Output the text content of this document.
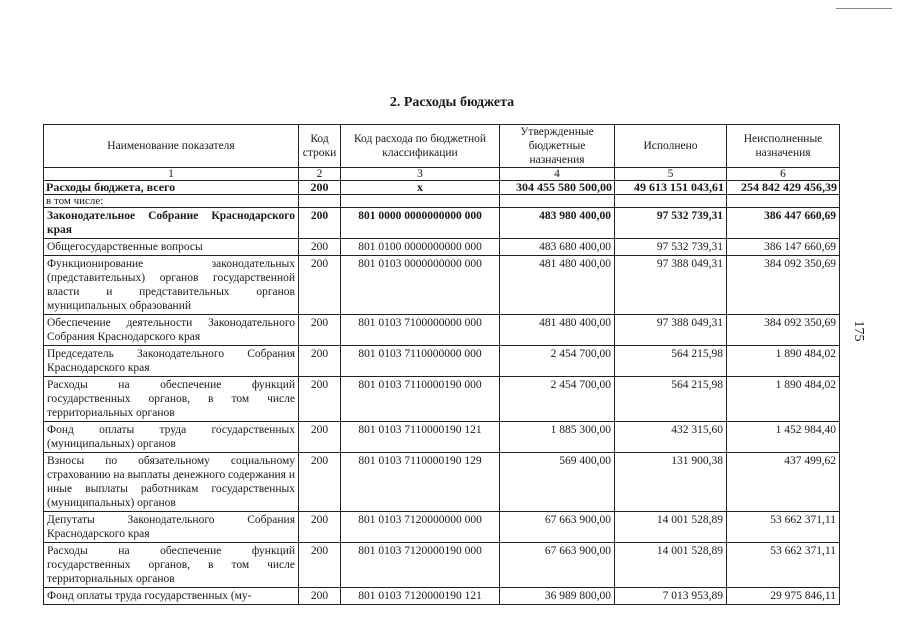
2. Расходы бюджета
175
Наименование показателя	Код строки	Код расхода по бюджетной классификации	Утвержденные бюджетные назначения	Исполнено	Неисполненные назначения
1	2	3	4	5	6
Расходы бюджета, всего	200	х	304 455 580 500,00	49 613 151 043,61	254 842 429 456,39
в том числе:					
Законодательное Собрание Краснодарского края	200	801 0000 0000000000 000	483 980 400,00	97 532 739,31	386 447 660,69
Общегосударственные вопросы	200	801 0100 0000000000 000	483 680 400,00	97 532 739,31	386 147 660,69
Функционирование законодательных (представительных) органов государственной власти и представительных органов муниципальных образований	200	801 0103 0000000000 000	481 480 400,00	97 388 049,31	384 092 350,69
Обеспечение деятельности Законодательного Собрания Краснодарского края	200	801 0103 7100000000 000	481 480 400,00	97 388 049,31	384 092 350,69
Председатель Законодательного Собрания Краснодарского края	200	801 0103 7110000000 000	2 454 700,00	564 215,98	1 890 484,02
Расходы на обеспечение функций государственных органов, в том числе территориальных органов	200	801 0103 7110000190 000	2 454 700,00	564 215,98	1 890 484,02
Фонд оплаты труда государственных (муниципальных) органов	200	801 0103 7110000190 121	1 885 300,00	432 315,60	1 452 984,40
Взносы по обязательному социальному страхованию на выплаты денежного содержания и иные выплаты работникам государственных (муниципальных) органов	200	801 0103 7110000190 129	569 400,00	131 900,38	437 499,62
Депутаты Законодательного Собрания Краснодарского края	200	801 0103 7120000000 000	67 663 900,00	14 001 528,89	53 662 371,11
Расходы на обеспечение функций государственных органов, в том числе территориальных органов	200	801 0103 7120000190 000	67 663 900,00	14 001 528,89	53 662 371,11
Фонд оплаты труда государственных (му-	200	801 0103 7120000190 121	36 989 800,00	7 013 953,89	29 975 846,11
